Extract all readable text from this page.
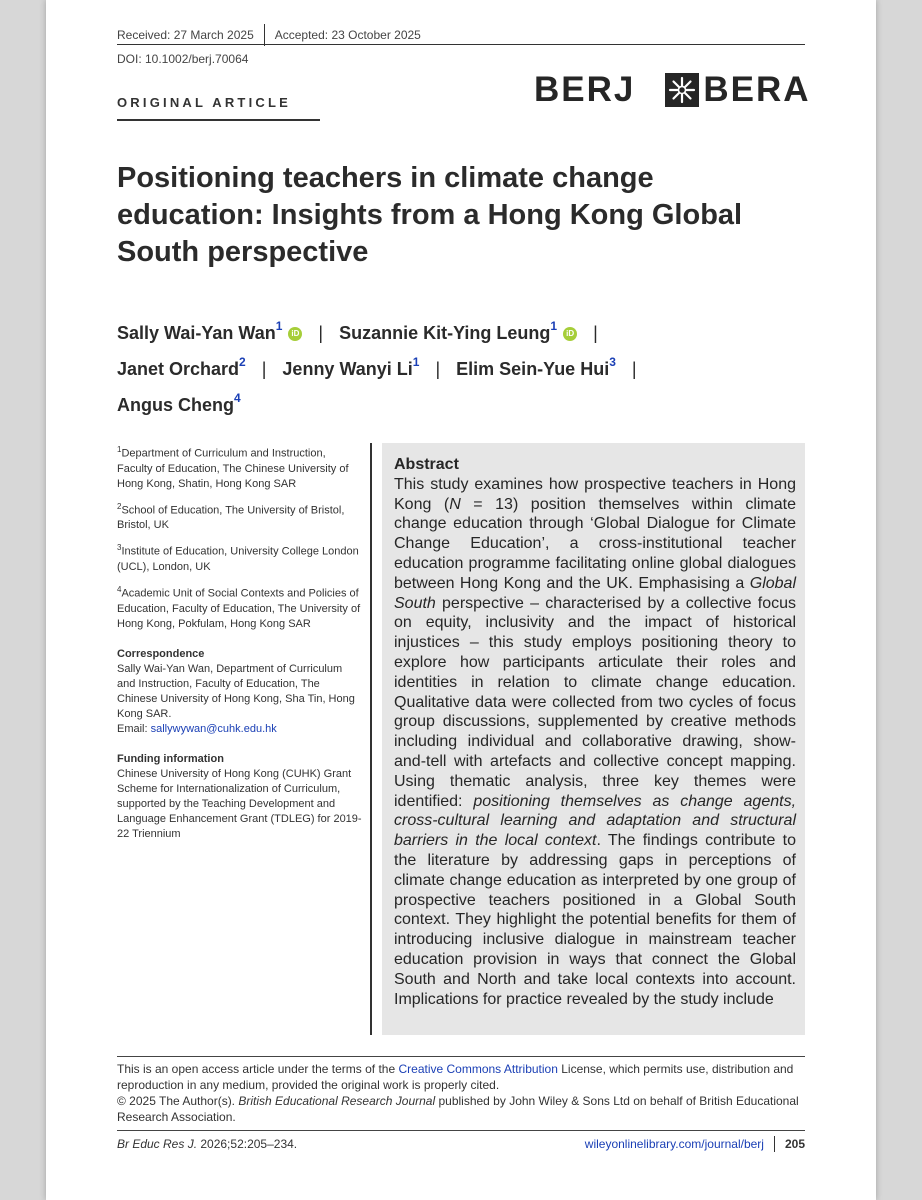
Received: 27 March 2025 Accepted: 23 October 2025
DOI: 10.1002/berj.70064
ORIGINAL ARTICLE	BERJ BERA
Positioning teachers in climate change education: Insights from a Hong Kong Global South perspective
Sally Wai-Yan Wan$^1$iD | Suzannie Kit-Ying Leung$^1$iD |
Janet Orchard$^2$ | Jenny Wanyi Li$^1$ | Elim Sein-Yue Hui$^3$ |
Angus Cheng$^4$

$^1$Department of Curriculum and Instruction, Faculty of Education, The Chinese University of Hong Kong, Shatin, Hong Kong SAR

$^2$School of Education, The University of Bristol, Bristol, UK

$^3$Institute of Education, University College London (UCL), London, UK

$^4$Academic Unit of Social Contexts and Policies of Education, Faculty of Education, The University of Hong Kong, Pokfulam, Hong Kong SAR

Correspondence

Sally Wai-Yan Wan, Department of Curriculum and Instruction, Faculty of Education, The Chinese University of Hong Kong, Sha Tin, Hong Kong SAR.
Email: sallywywan@cuhk.edu.hk

Funding information

Chinese University of Hong Kong (CUHK) Grant Scheme for Internationalization of Curriculum, supported by the Teaching Development and Language Enhancement Grant (TDLEG) for 2019-22 Triennium

Abstract

This study examines how prospective teachers in Hong Kong (N = 13) position themselves within climate change education through ‘Global Dialogue for Climate Change Education’, a cross-institutional teacher education programme facilitating online global dialogues between Hong Kong and the UK. Emphasising a Global South perspective – characterised by a collective focus on equity, inclusivity and the impact of historical injustices – this study employs positioning theory to explore how participants articulate their roles and identities in relation to climate change education. Qualitative data were collected from two cycles of focus group discussions, supplemented by creative methods including individual and collaborative drawing, show-and-tell with artefacts and collective concept mapping. Using thematic analysis, three key themes were identified: positioning themselves as change agents, cross-cultural learning and adaptation and structural barriers in the local context. The findings contribute to the literature by addressing gaps in perceptions of climate change education as interpreted by one group of prospective teachers positioned in a Global South context. They highlight the potential benefits for them of introducing inclusive dialogue in mainstream teacher education provision in ways that connect the Global South and North and take local contexts into account. Implications for practice revealed by the study include

This is an open access article under the terms of the Creative Commons Attribution License, which permits use, distribution and reproduction in any medium, provided the original work is properly cited.

© 2025 The Author(s). British Educational Research Journal published by John Wiley & Sons Ltd on behalf of British Educational Research Association.

Br Educ Res J. 2026;52:205–234.	wileyonlinelibrary.com/journal/berj 205
